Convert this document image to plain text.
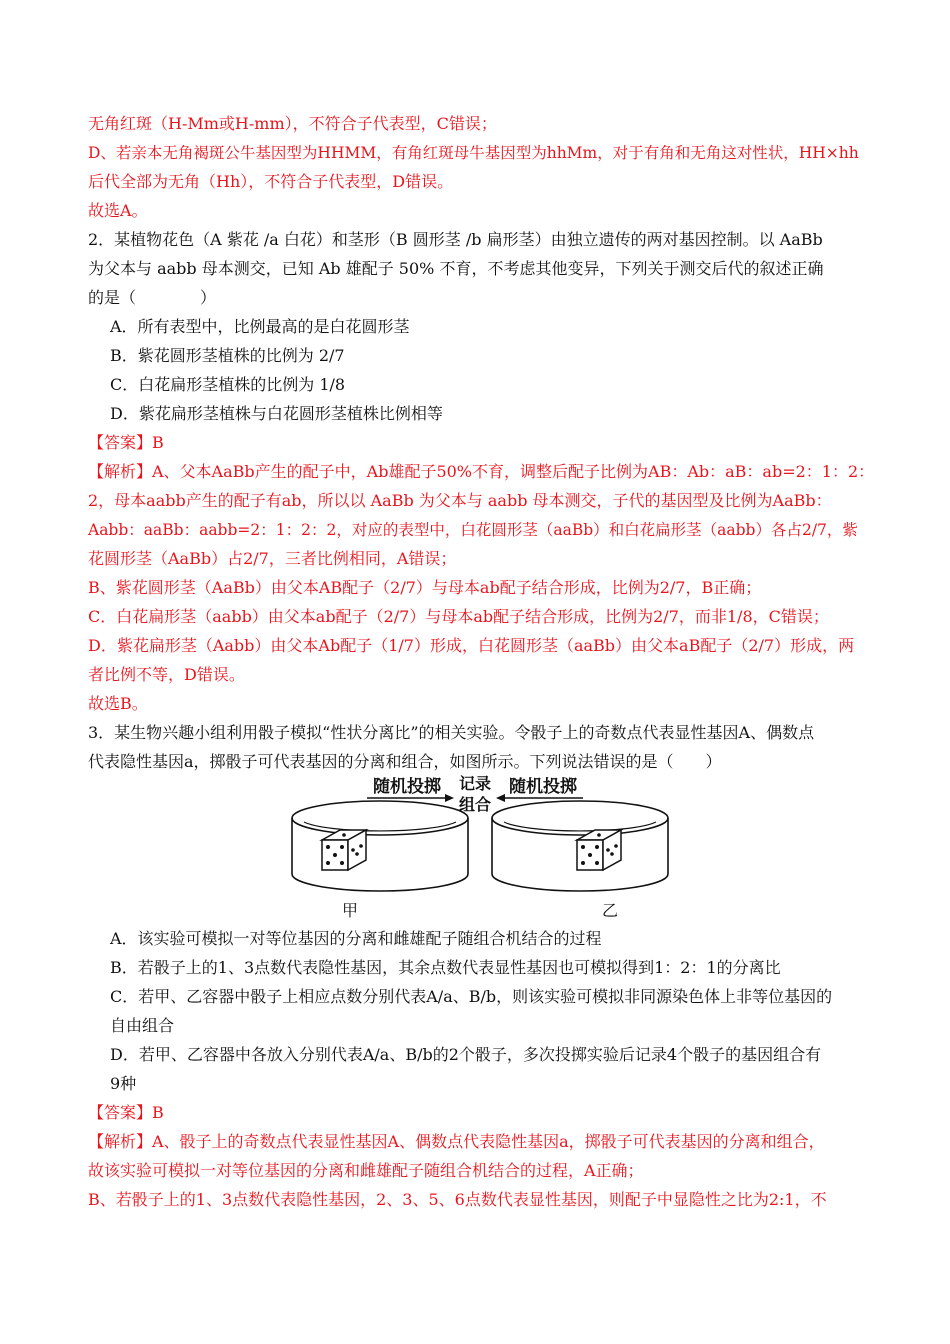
无角红斑（H-Mm或H-mm），不符合子代表型，C错误；
D、若亲本无角褐斑公牛基因型为HHMM，有角红斑母牛基因型为hhMm，对于有角和无角这对性状，HH×hh
后代全部为无角（Hh），不符合子代表型，D错误。
故选A。
2．某植物花色（A 紫花 /a 白花）和茎形（B 圆形茎 /b 扁形茎）由独立遗传的两对基因控制。以 AaBb
为父本与 aabb 母本测交，已知 Ab 雄配子 50% 不育，不考虑其他变异，下列关于测交后代的叙述正确
的是（　　　　）
A．所有表型中，比例最高的是白花圆形茎
B．紫花圆形茎植株的比例为 2/7
C．白花扁形茎植株的比例为 1/8
D．紫花扁形茎植株与白花圆形茎植株比例相等
【答案】B
【解析】A、父本AaBb产生的配子中，Ab雄配子50%不育，调整后配子比例为AB：Ab：aB：ab=2：1：2：
2，母本aabb产生的配子有ab，所以以 AaBb 为父本与 aabb 母本测交，子代的基因型及比例为AaBb：
Aabb：aaBb：aabb=2：1：2：2，对应的表型中，白花圆形茎（aaBb）和白花扁形茎（aabb）各占2/7，紫
花圆形茎（AaBb）占2/7，三者比例相同，A错误；
B、紫花圆形茎（AaBb）由父本AB配子（2/7）与母本ab配子结合形成，比例为2/7，B正确；
C．白花扁形茎（aabb）由父本ab配子（2/7）与母本ab配子结合形成，比例为2/7，而非1/8，C错误；
D．紫花扁形茎（Aabb）由父本Ab配子（1/7）形成，白花圆形茎（aaBb）由父本aB配子（2/7）形成，两
者比例不等，D错误。
故选B。
3．某生物兴趣小组利用骰子模拟“性状分离比”的相关实验。令骰子上的奇数点代表显性基因A、偶数点
代表隐性基因a，掷骰子可代表基因的分离和组合，如图所示。下列说法错误的是（　　）
随机投掷 记录
组合
随机投掷
甲	乙
A．该实验可模拟一对等位基因的分离和雌雄配子随组合机结合的过程
B．若骰子上的1、3点数代表隐性基因，其余点数代表显性基因也可模拟得到1：2：1的分离比
C．若甲、乙容器中骰子上相应点数分别代表A/a、B/b，则该实验可模拟非同源染色体上非等位基因的
自由组合
D．若甲、乙容器中各放入分别代表A/a、B/b的2个骰子，多次投掷实验后记录4个骰子的基因组合有
9种
【答案】B
【解析】A、骰子上的奇数点代表显性基因A、偶数点代表隐性基因a，掷骰子可代表基因的分离和组合，
故该实验可模拟一对等位基因的分离和雌雄配子随组合机结合的过程，A正确；
B、若骰子上的1、3点数代表隐性基因，2、3、5、6点数代表显性基因，则配子中显隐性之比为2:1，不
